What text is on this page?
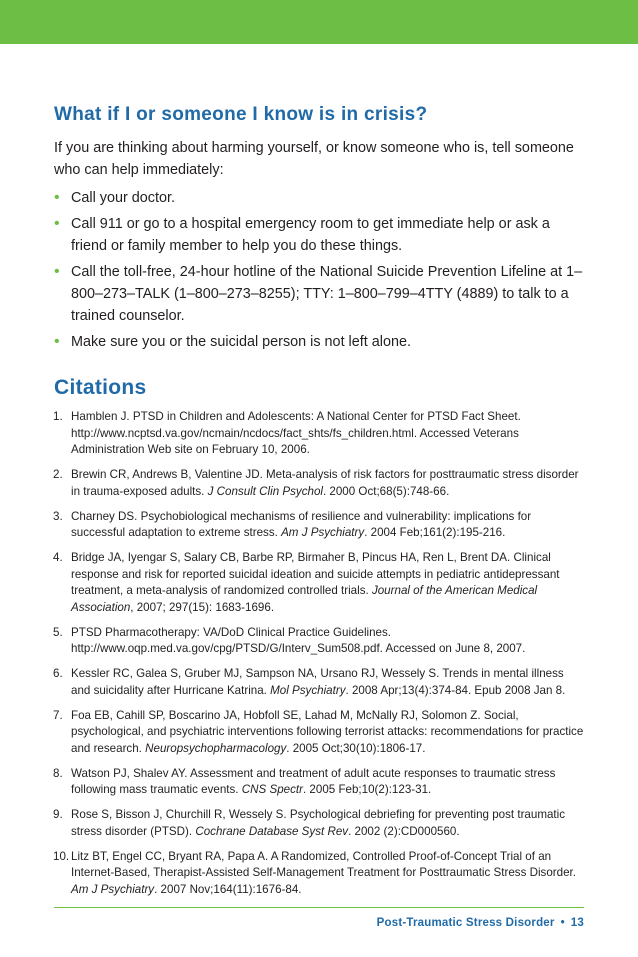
What if I or someone I know is in crisis?

If you are thinking about harming yourself, or know someone who is, tell someone who can help immediately:

• Call your doctor.
• Call 911 or go to a hospital emergency room to get immediate help or ask a friend or family member to help you do these things.
• Call the toll-free, 24-hour hotline of the National Suicide Prevention Lifeline at 1–800–273–TALK (1–800–273–8255); TTY: 1–800–799–4TTY (4889) to talk to a trained counselor.
• Make sure you or the suicidal person is not left alone.
Citations
1. Hamblen J. PTSD in Children and Adolescents: A National Center for PTSD Fact Sheet. http://www.ncptsd.va.gov/ncmain/ncdocs/fact_shts/fs_children.html. Accessed Veterans Administration Web site on February 10, 2006.
2. Brewin CR, Andrews B, Valentine JD. Meta-analysis of risk factors for posttraumatic stress disorder in trauma-exposed adults. J Consult Clin Psychol. 2000 Oct;68(5):748-66.
3. Charney DS. Psychobiological mechanisms of resilience and vulnerability: implications for successful adaptation to extreme stress. Am J Psychiatry. 2004 Feb;161(2):195-216.
4. Bridge JA, Iyengar S, Salary CB, Barbe RP, Birmaher B, Pincus HA, Ren L, Brent DA. Clinical response and risk for reported suicidal ideation and suicide attempts in pediatric antidepressant treatment, a meta-analysis of randomized controlled trials. Journal of the American Medical Association, 2007; 297(15): 1683-1696.
5. PTSD Pharmacotherapy: VA/DoD Clinical Practice Guidelines. http://www.oqp.med.va.gov/cpg/PTSD/G/Interv_Sum508.pdf. Accessed on June 8, 2007.
6. Kessler RC, Galea S, Gruber MJ, Sampson NA, Ursano RJ, Wessely S. Trends in mental illness and suicidality after Hurricane Katrina. Mol Psychiatry. 2008 Apr;13(4):374-84. Epub 2008 Jan 8.
7. Foa EB, Cahill SP, Boscarino JA, Hobfoll SE, Lahad M, McNally RJ, Solomon Z. Social, psychological, and psychiatric interventions following terrorist attacks: recommendations for practice and research. Neuropsychopharmacology. 2005 Oct;30(10):1806-17.
8. Watson PJ, Shalev AY. Assessment and treatment of adult acute responses to traumatic stress following mass traumatic events. CNS Spectr. 2005 Feb;10(2):123-31.
9. Rose S, Bisson J, Churchill R, Wessely S. Psychological debriefing for preventing post traumatic stress disorder (PTSD). Cochrane Database Syst Rev. 2002 (2):CD000560.
10. Litz BT, Engel CC, Bryant RA, Papa A. A Randomized, Controlled Proof-of-Concept Trial of an Internet-Based, Therapist-Assisted Self-Management Treatment for Posttraumatic Stress Disorder. Am J Psychiatry. 2007 Nov;164(11):1676-84.
Post-Traumatic Stress Disorder • 13
